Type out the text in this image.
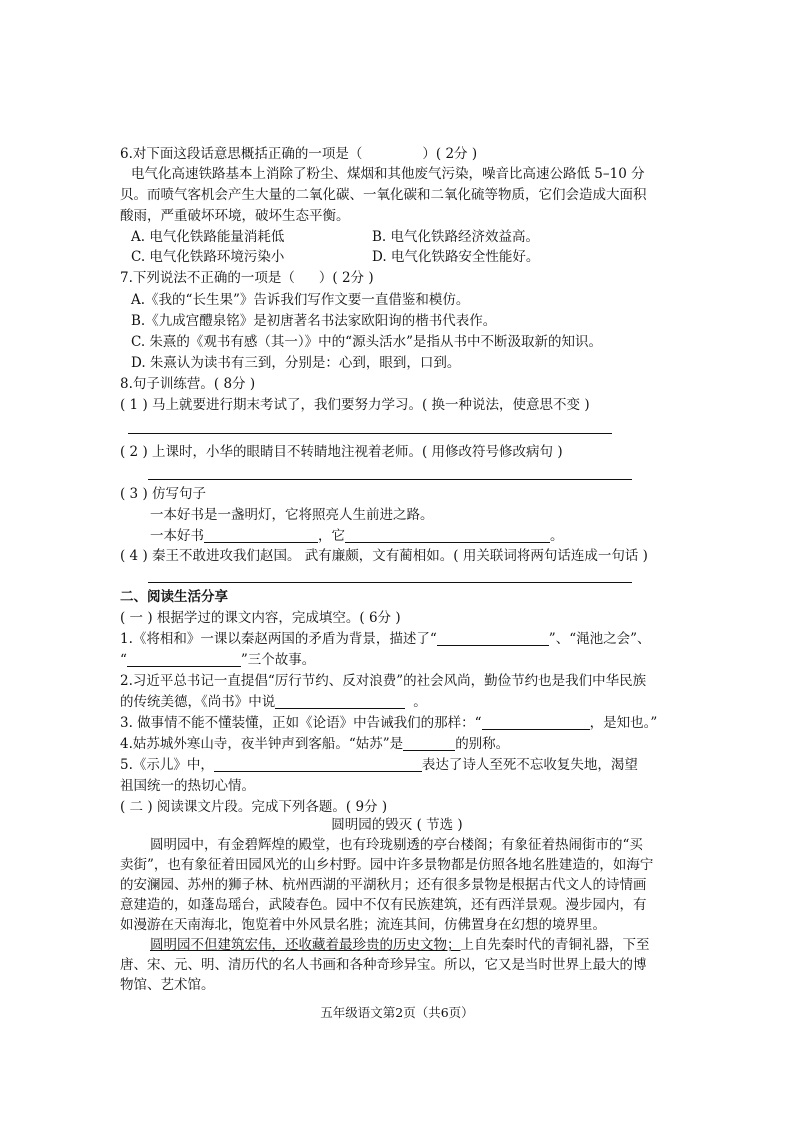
6.对下面这段话意思概括正确的一项是（	）( 2分 )
电气化高速铁路基本上消除了粉尘、煤烟和其他废气污染，噪音比高速公路低 5–10 分
贝。而喷气客机会产生大量的二氧化碳、一氧化碳和二氧化硫等物质，它们会造成大面积
酸雨，严重破坏环境，破坏生态平衡。
A. 电气化铁路能量消耗低	B. 电气化铁路经济效益高。
C. 电气化铁路环境污染小	D. 电气化铁路安全性能好。
7.下列说法不正确的一项是（ ）( 2分 )
A.《我的“长生果”》告诉我们写作文要一直借鉴和模仿。
B.《九成宫醴泉铭》是初唐著名书法家欧阳询的楷书代表作。
C. 朱熹的《观书有感（其一）》中的“源头活水”是指从书中不断汲取新的知识。
D. 朱熹认为读书有三到，分别是：心到，眼到，口到。
8.句子训练营。( 8分 )
( 1 ) 马上就要进行期末考试了，我们要努力学习。( 换一种说法，使意思不变 )
( 2 ) 上课时，小华的眼睛目不转睛地注视着老师。( 用修改符号修改病句 )
( 3 ) 仿写句子
一本好书是一盏明灯，它将照亮人生前进之路。
一本好书	，它	。
( 4 ) 秦王不敢进攻我们赵国。 武有廉颇，文有蔺相如。( 用关联词将两句话连成一句话 )
二、阅读生活分享
( 一 ) 根据学过的课文内容，完成填空。( 6分 )
1.《将相和》一课以秦赵两国的矛盾为背景，描述了“	”、“渑池之会”、
“	”三个故事。
2.习近平总书记一直提倡“厉行节约、反对浪费”的社会风尚，勤俭节约也是我们中华民族
的传统美德，《尚书》中说	。
3. 做事情不能不懂装懂，正如《论语》中告诫我们的那样：“	，是知也。”
4.姑苏城外寒山寺，夜半钟声到客船。“姑苏”是	的别称。
5.《示儿》中，	表达了诗人至死不忘收复失地，渴望
祖国统一的热切心情。
( 二 ) 阅读课文片段。完成下列各题。( 9分 )
圆明园的毁灭 ( 节选 )
圆明园中，有金碧辉煌的殿堂，也有玲珑剔透的亭台楼阁；有象征着热闹街市的“买
卖街”，也有象征着田园风光的山乡村野。园中许多景物都是仿照各地名胜建造的，如海宁
的安澜园、苏州的狮子林、杭州西湖的平湖秋月；还有很多景物是根据古代文人的诗情画
意建造的，如蓬岛瑶台，武陵春色。园中不仅有民族建筑，还有西洋景观。漫步园内，有
如漫游在天南海北，饱览着中外风景名胜；流连其间，仿佛置身在幻想的境界里。
圆明园不但建筑宏伟，还收藏着最珍贵的历史文物；上自先秦时代的青铜礼器，下至
唐、宋、元、明、清历代的名人书画和各种奇珍异宝。所以，它又是当时世界上最大的博
物馆、艺术馆。
五年级语文第2页（共6页）
